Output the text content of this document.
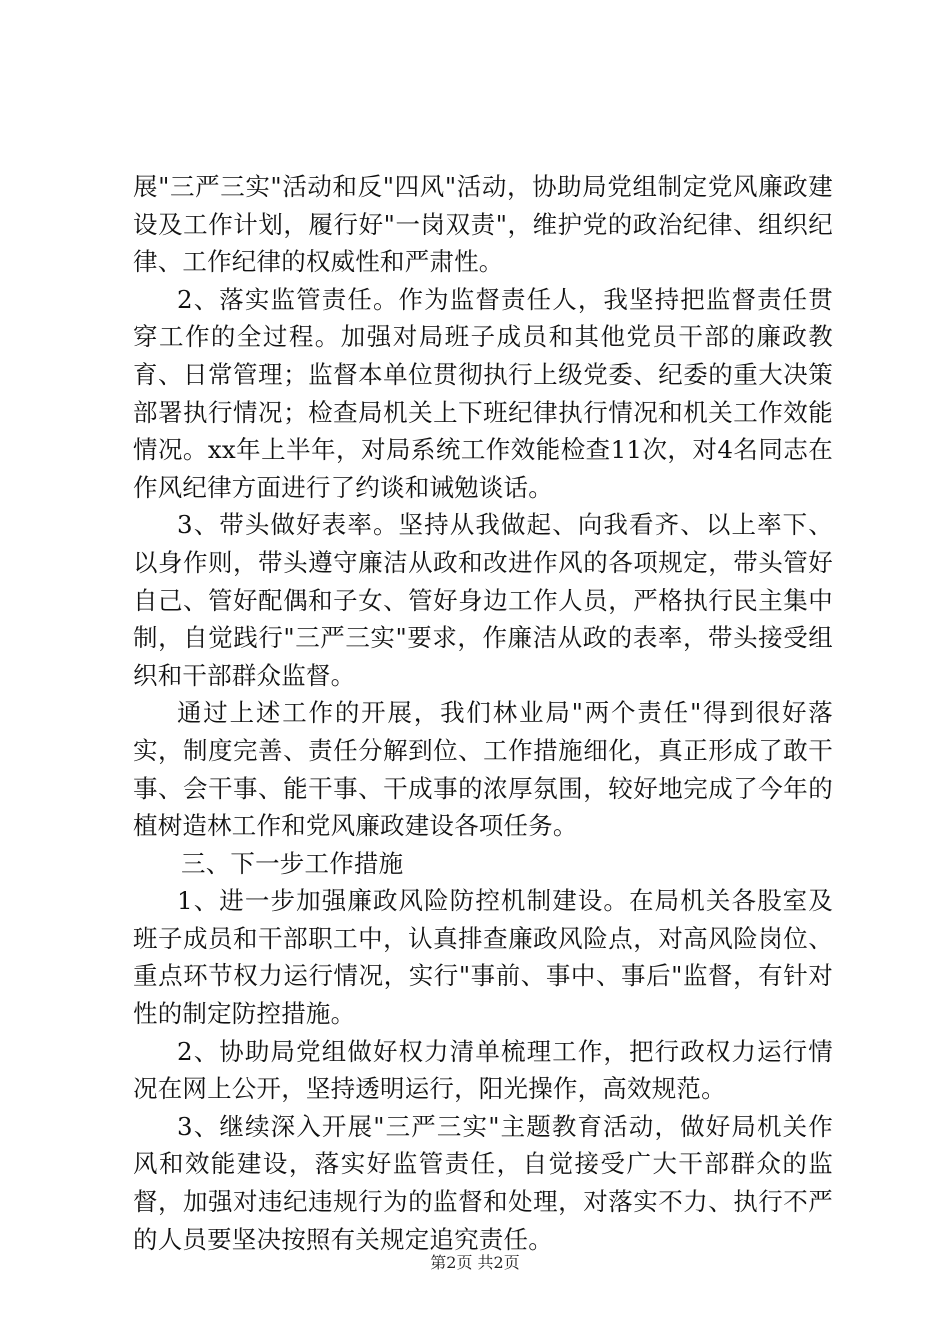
展"三严三实"活动和反"四风"活动，协助局党组制定党风廉政建设及工作计划，履行好"一岗双责"，维护党的政治纪律、组织纪律、工作纪律的权威性和严肃性。

2、落实监管责任。作为监督责任人，我坚持把监督责任贯穿工作的全过程。加强对局班子成员和其他党员干部的廉政教育、日常管理；监督本单位贯彻执行上级党委、纪委的重大决策部署执行情况；检查局机关上下班纪律执行情况和机关工作效能情况。xx年上半年，对局系统工作效能检查11次，对4名同志在作风纪律方面进行了约谈和诫勉谈话。

3、带头做好表率。坚持从我做起、向我看齐、以上率下、以身作则，带头遵守廉洁从政和改进作风的各项规定，带头管好自己、管好配偶和子女、管好身边工作人员，严格执行民主集中制，自觉践行"三严三实"要求，作廉洁从政的表率，带头接受组织和干部群众监督。

通过上述工作的开展，我们林业局"两个责任"得到很好落实，制度完善、责任分解到位、工作措施细化，真正形成了敢干事、会干事、能干事、干成事的浓厚氛围，较好地完成了今年的植树造林工作和党风廉政建设各项任务。

三、下一步工作措施

1、进一步加强廉政风险防控机制建设。在局机关各股室及班子成员和干部职工中，认真排查廉政风险点，对高风险岗位、重点环节权力运行情况，实行"事前、事中、事后"监督，有针对性的制定防控措施。

2、协助局党组做好权力清单梳理工作，把行政权力运行情况在网上公开，坚持透明运行，阳光操作，高效规范。

3、继续深入开展"三严三实"主题教育活动，做好局机关作风和效能建设，落实好监管责任，自觉接受广大干部群众的监督，加强对违纪违规行为的监督和处理，对落实不力、执行不严的人员要坚决按照有关规定追究责任。

第2页 共2页
